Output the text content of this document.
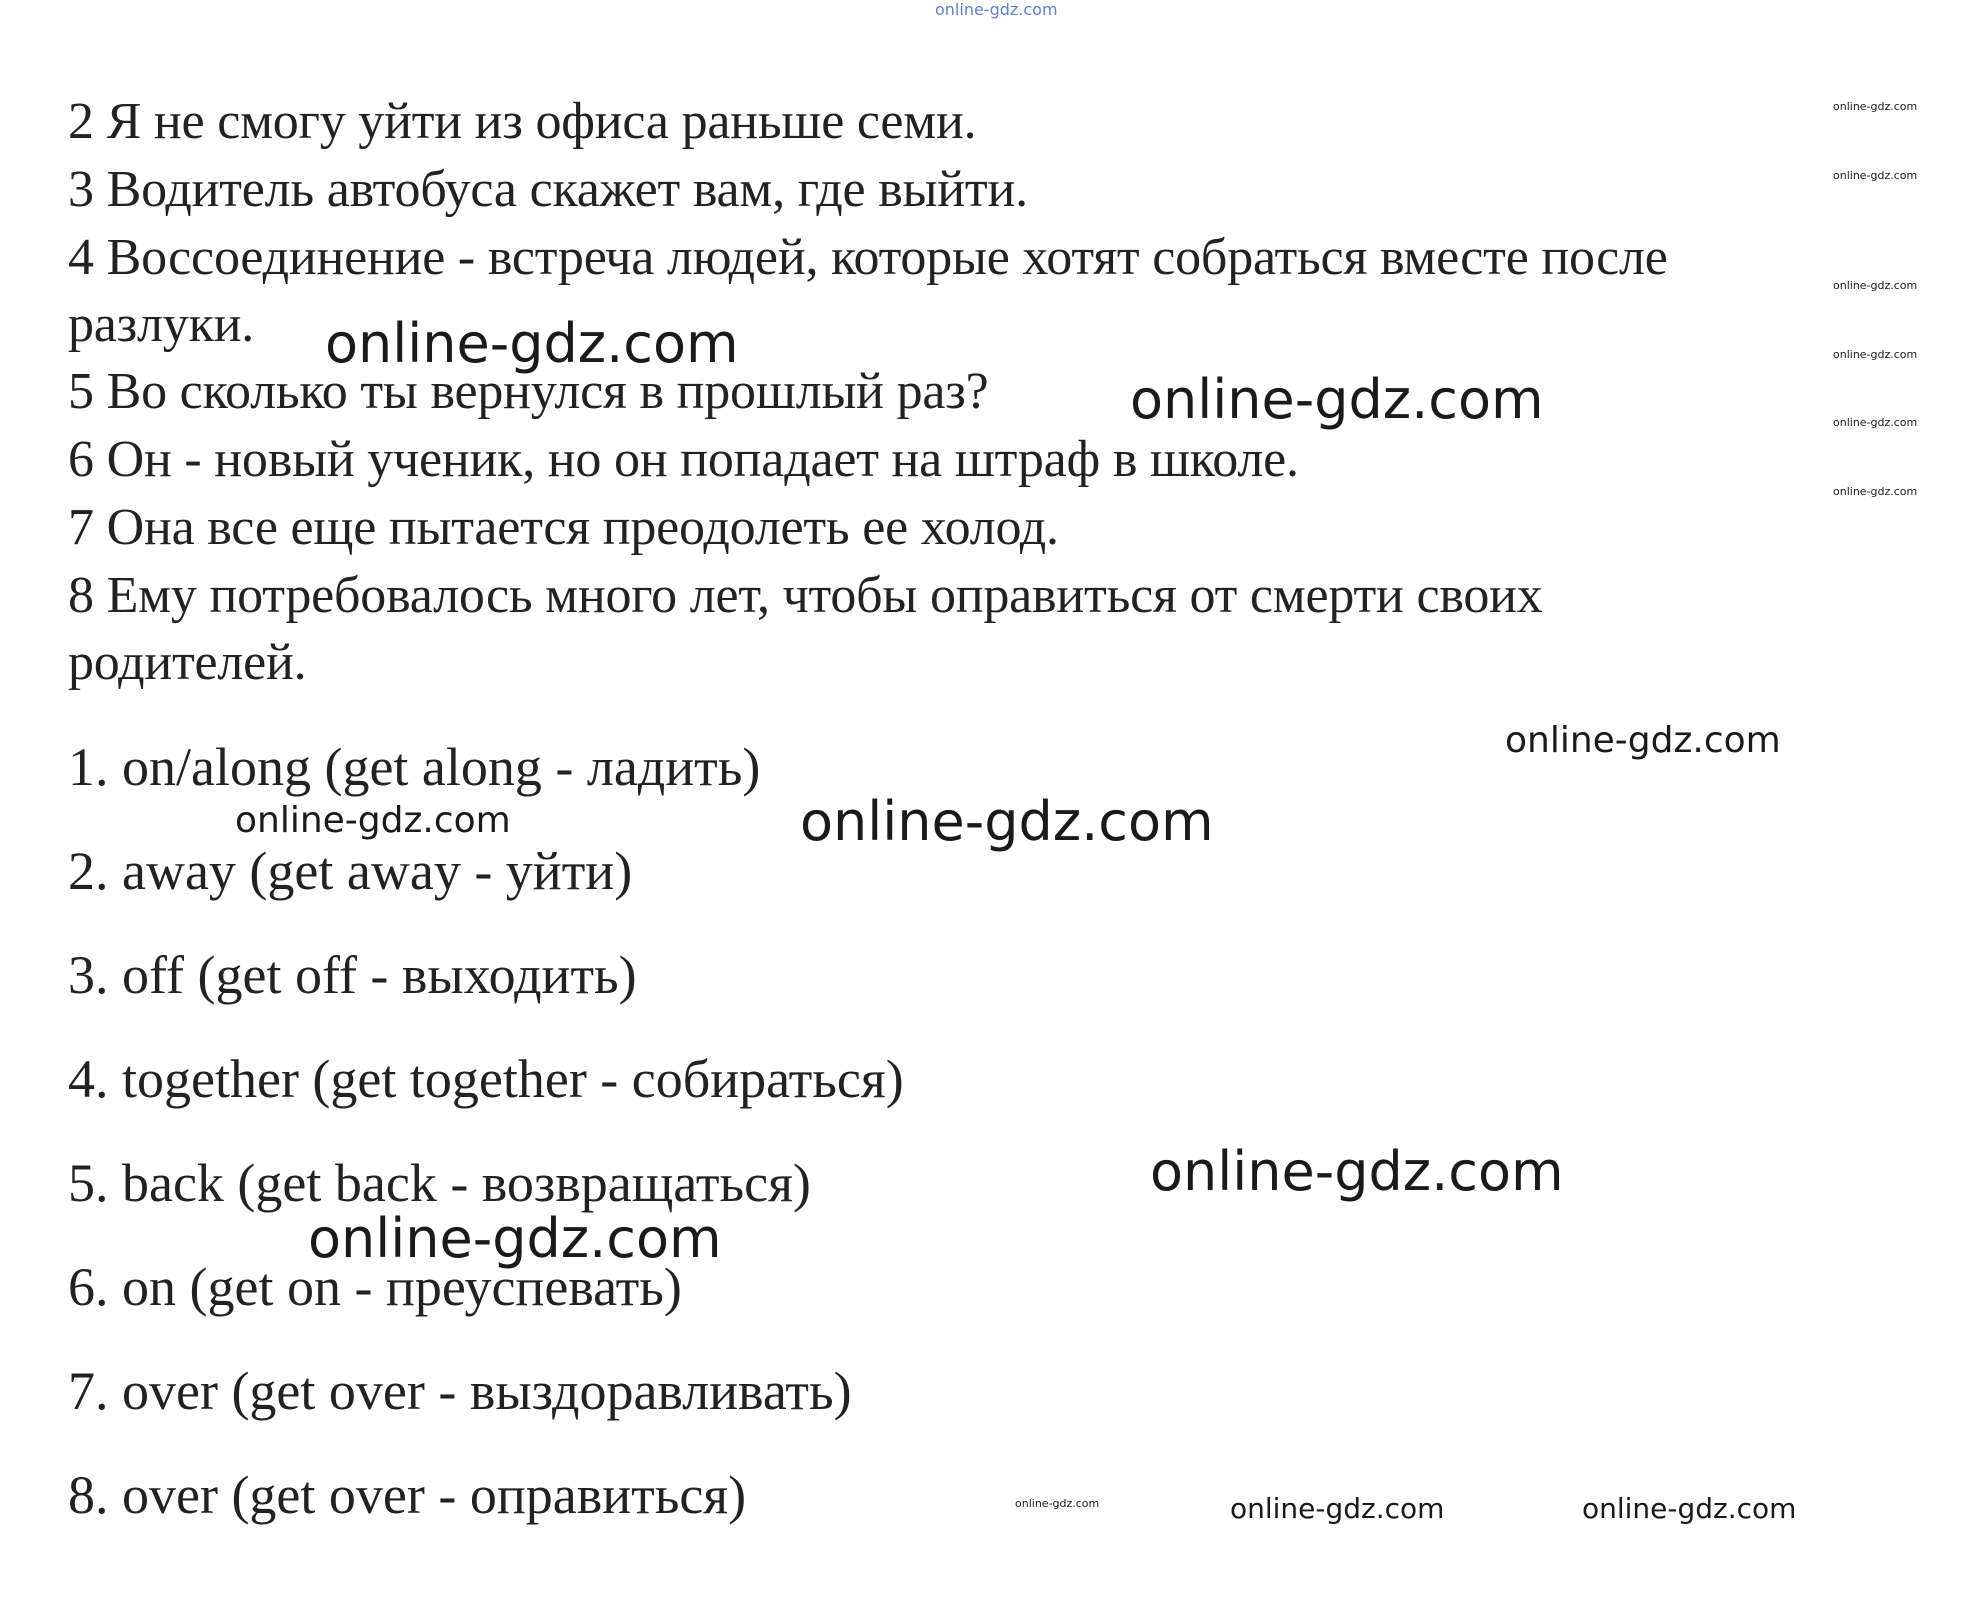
online-gdz.com
2 Я не смогу уйти из офиса раньше семи.
3 Водитель автобуса скажет вам, где выйти.
4 Воссоединение - встреча людей, которые хотят собраться вместе после
разлуки.
5 Во сколько ты вернулся в прошлый раз?
6 Он - новый ученик, но он попадает на штраф в школе.
7 Она все еще пытается преодолеть ее холод.
8 Ему потребовалось много лет, чтобы оправиться от смерти своих
родителей.
1. on/along (get along - ладить)
2. away (get away - уйти)
3. off (get off - выходить)
4. together (get together - собираться)
5. back (get back - возвращаться)
6. on (get on - преуспевать)
7. over (get over - выздоравливать)
8. over (get over - оправиться)
online-gdz.com
online-gdz.com
online-gdz.com
online-gdz.com
online-gdz.com
online-gdz.com
online-gdz.com
online-gdz.com	online-gdz.com
online-gdz.com
online-gdz.com
online-gdz.com
online-gdz.com
online-gdz.com
online-gdz.com
online-gdz.com
